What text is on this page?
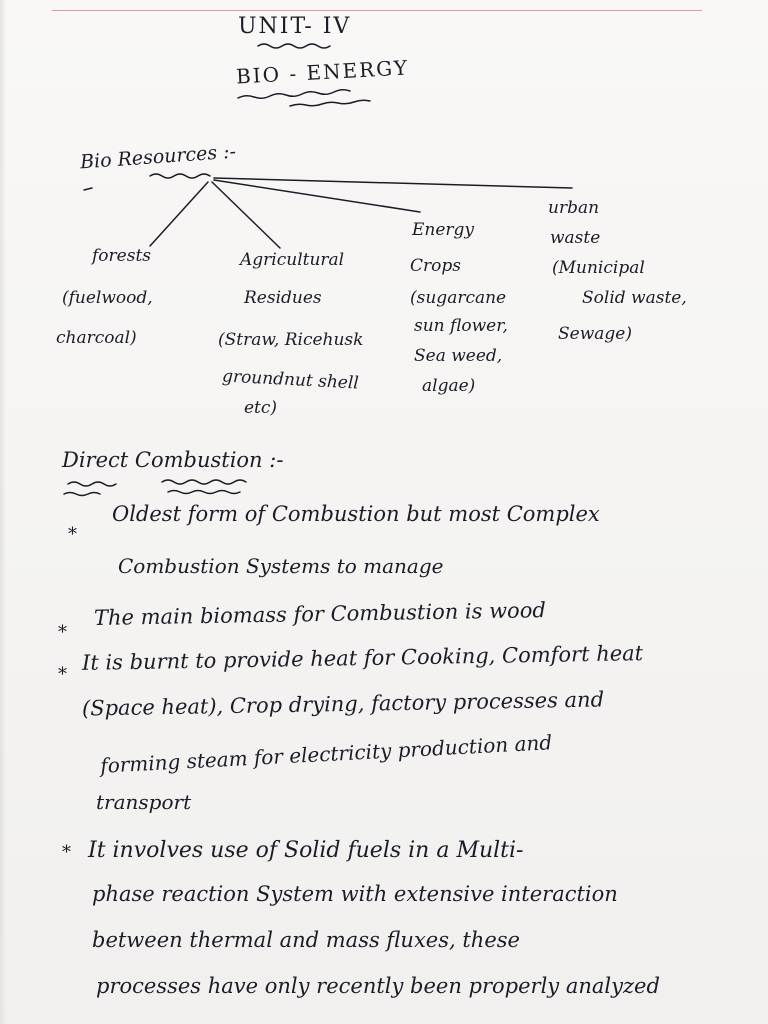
UNIT- IV
BIO - ENERGY
Bio Resources :-
forests
(fuelwood,
charcoal)
Agricultural
Residues
(Straw, Ricehusk
groundnut shell
etc)
Energy
Crops
(sugarcane
sun flower,
Sea weed,
algae)
urban
waste
(Municipal
Solid waste,
Sewage)
Direct Combustion :-
*
*
*
*
Oldest form of Combustion but most Complex
Combustion Systems to manage
The main biomass for Combustion is wood
It is burnt to provide heat for Cooking, Comfort heat
(Space heat), Crop drying, factory processes and
forming steam for electricity production and
transport
It involves use of Solid fuels in a Multi-
phase reaction System with extensive interaction
between thermal and mass fluxes, these
processes have only recently been properly analyzed
